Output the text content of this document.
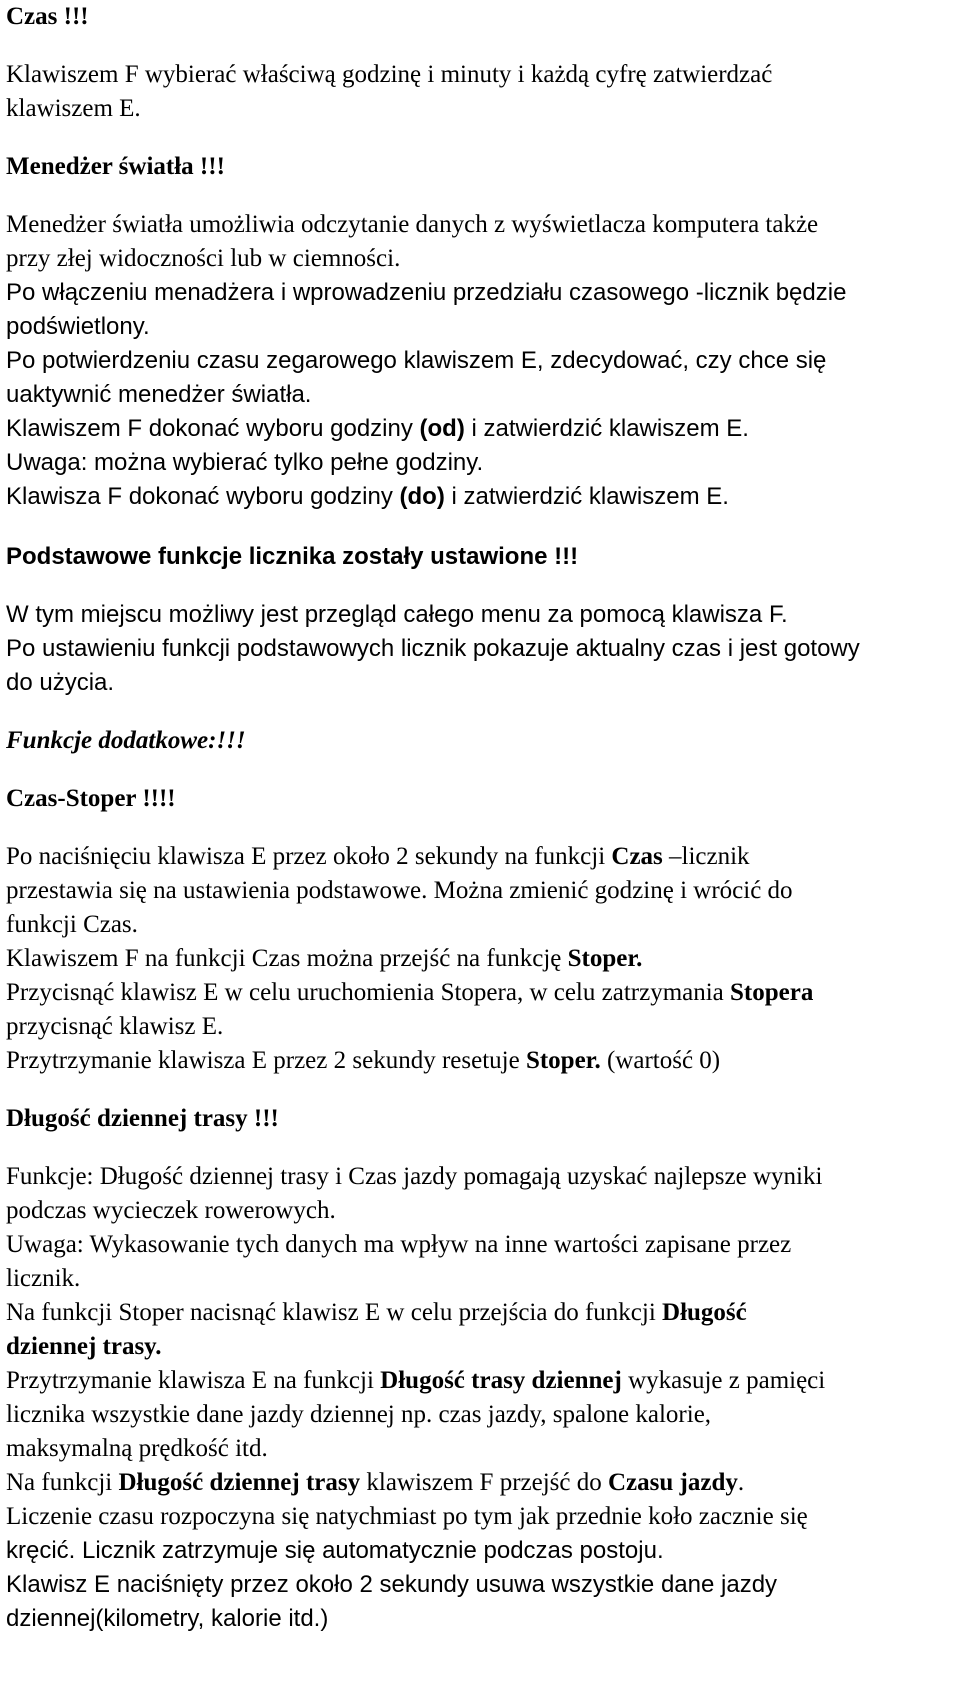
Czas !!!

Klawiszem F wybierać właściwą godzinę i minuty i każdą cyfrę zatwierdzać

klawiszem E.

Menedżer światła !!!

Menedżer światła umożliwia odczytanie danych z wyświetlacza komputera także

przy złej widoczności lub w ciemności.

Po włączeniu menadżera i wprowadzeniu przedziału czasowego -licznik będzie

podświetlony.

Po potwierdzeniu czasu zegarowego klawiszem E, zdecydować, czy chce się

uaktywnić menedżer światła.

Klawiszem F dokonać wyboru godziny (od) i zatwierdzić klawiszem E.

Uwaga: można wybierać tylko pełne godziny.

Klawisza F dokonać wyboru godziny (do) i zatwierdzić klawiszem E.

Podstawowe funkcje licznika zostały ustawione !!!

W tym miejscu możliwy jest przegląd całego menu za pomocą klawisza F.

Po ustawieniu funkcji podstawowych licznik pokazuje aktualny czas i jest gotowy

do użycia.

Funkcje dodatkowe:!!!

Czas-Stoper !!!!

Po naciśnięciu klawisza E przez około 2 sekundy na funkcji Czas –licznik

przestawia się na ustawienia podstawowe. Można zmienić godzinę i wrócić do

funkcji Czas.

Klawiszem F na funkcji Czas można przejść na funkcję Stoper.

Przycisnąć klawisz E w celu uruchomienia Stopera, w celu zatrzymania Stopera

przycisnąć klawisz E.

Przytrzymanie klawisza E przez 2 sekundy resetuje Stoper. (wartość 0)

Długość dziennej trasy !!!

Funkcje: Długość dziennej trasy i Czas jazdy pomagają uzyskać najlepsze wyniki

podczas wycieczek rowerowych.

Uwaga: Wykasowanie tych danych ma wpływ na inne wartości zapisane przez

licznik.

Na funkcji Stoper nacisnąć klawisz E w celu przejścia do funkcji Długość

dziennej trasy.

Przytrzymanie klawisza E na funkcji Długość trasy dziennej wykasuje z pamięci

licznika wszystkie dane jazdy dziennej np. czas jazdy, spalone kalorie,

maksymalną prędkość itd.

Na funkcji Długość dziennej trasy klawiszem F przejść do Czasu jazdy.

Liczenie czasu rozpoczyna się natychmiast po tym jak przednie koło zacznie się

kręcić. Licznik zatrzymuje się automatycznie podczas postoju.

Klawisz E naciśnięty przez około 2 sekundy usuwa wszystkie dane jazdy

dziennej(kilometry, kalorie itd.)
